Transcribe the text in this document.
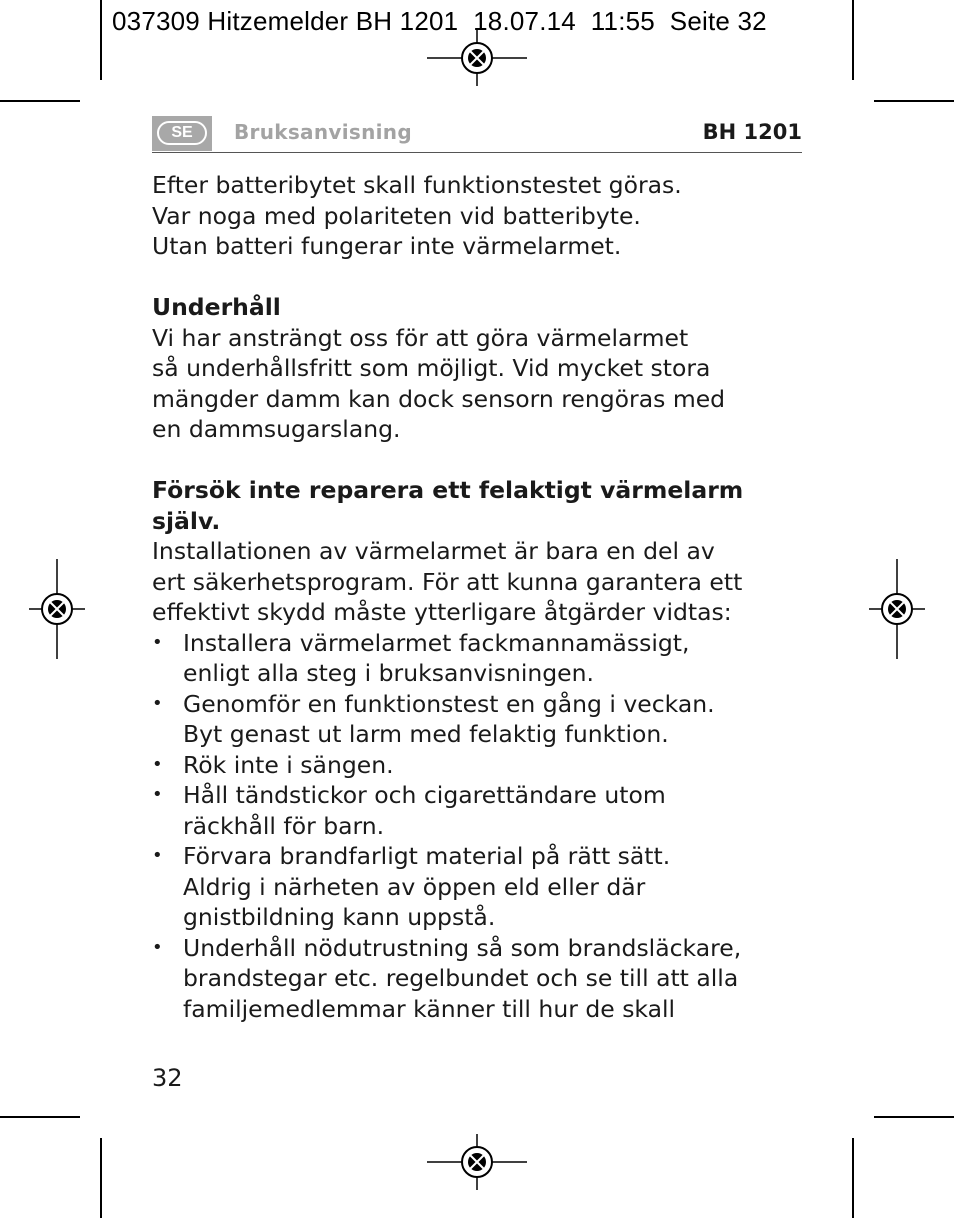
037309 Hitzemelder BH 1201  18.07.14  11:55  Seite 32
SE	Bruksanvisning	BH 1201

Efter batteribytet skall funktionstestet göras.
Var noga med polariteten vid batteribyte.
Utan batteri fungerar inte värmelarmet.

Underhåll

Vi har ansträngt oss för att göra värmelarmet
så underhållsfritt som möjligt. Vid mycket stora
mängder damm kan dock sensorn rengöras med
en dammsugarslang.

Försök inte reparera ett felaktigt värmelarm
själv.

Installationen av värmelarmet är bara en del av
ert säkerhetsprogram. För att kunna garantera ett
effektivt skydd måste ytterligare åtgärder vidtas:

• Installera värmelarmet fackmannamässigt,
enligt alla steg i bruksanvisningen.
• Genomför en funktionstest en gång i veckan.
Byt genast ut larm med felaktig funktion.
• Rök inte i sängen.
• Håll tändstickor och cigarettändare utom
räckhåll för barn.
• Förvara brandfarligt material på rätt sätt.
Aldrig i närheten av öppen eld eller där
gnistbildning kann uppstå.
• Underhåll nödutrustning så som brandsläckare,
brandstegar etc. regelbundet och se till att alla
familjemedlemmar känner till hur de skall
32
